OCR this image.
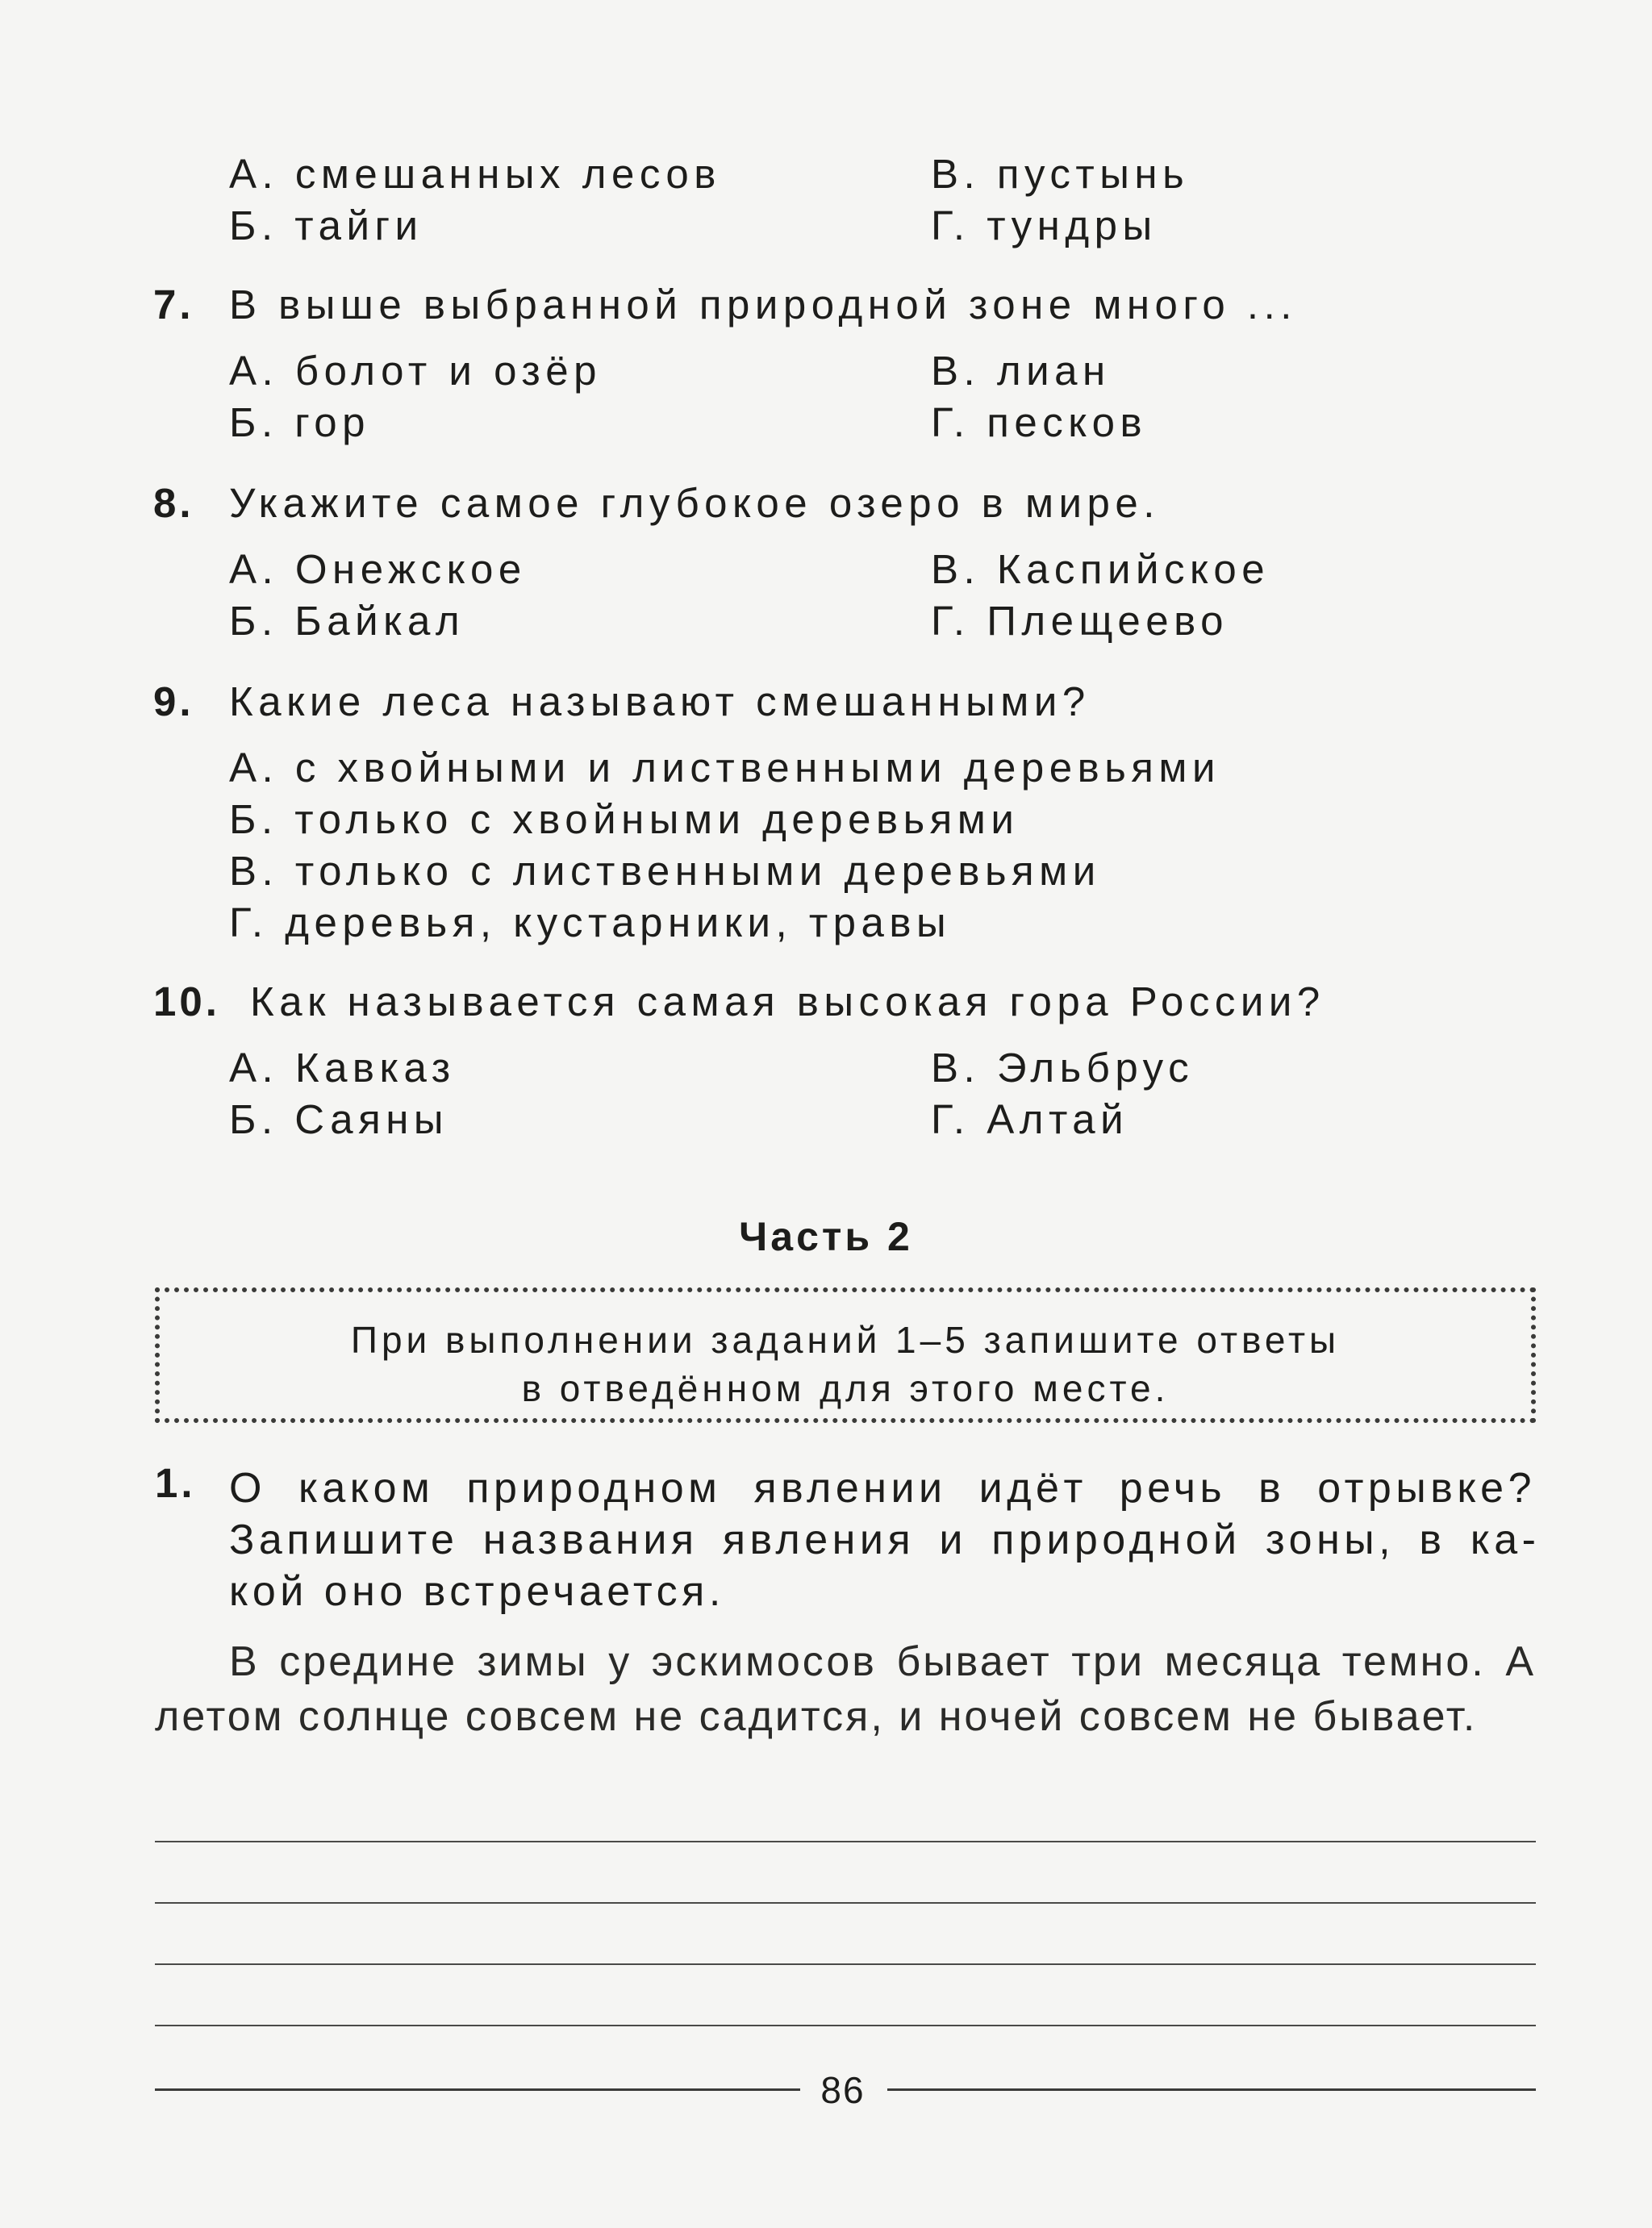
А. смешанных лесов	В. пустынь
Б. тайги	Г. тундры
7. В выше выбранной природной зоне много ...
А. болот и озёр	В. лиан
Б. гор	Г. песков
8. Укажите самое глубокое озеро в мире.
А. Онежское	В. Каспийское
Б. Байкал	Г. Плещеево
9. Какие леса называют смешанными?
А. с хвойными и лиственными деревьями
Б. только с хвойными деревьями
В. только с лиственными деревьями
Г. деревья, кустарники, травы
10. Как называется самая высокая гора России?
А. Кавказ	В. Эльбрус
Б. Саяны	Г. Алтай
Часть 2
При выполнении заданий 1–5 запишите ответы
в отведённом для этого месте.
1. О каком природном явлении идёт речь в отрывке? Запишите названия явления и природной зоны, в какой оно встречается.
В средине зимы у эскимосов бывает три месяца темно. А летом солнце совсем не садится, и ночей совсем не бывает.
86
